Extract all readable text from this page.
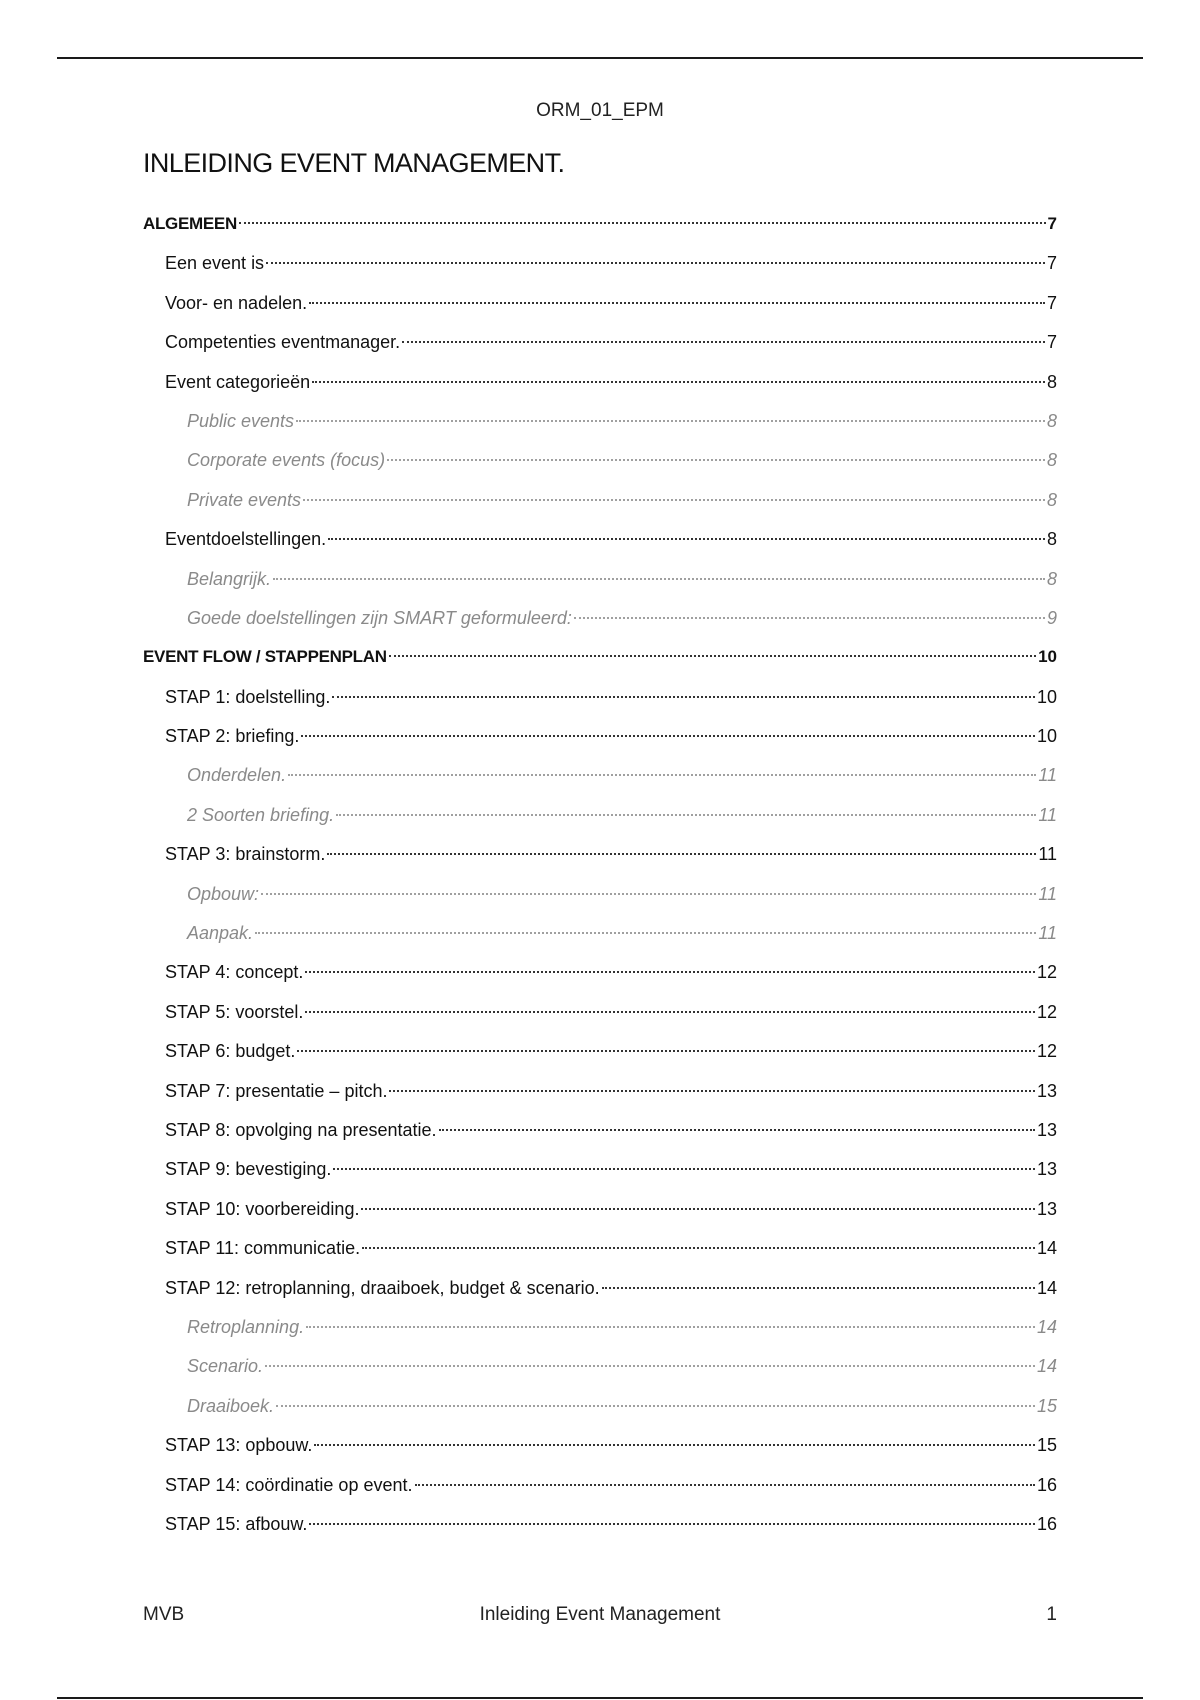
ORM_01_EPM
INLEIDING EVENT MANAGEMENT.
ALGEMEEN	7
Een event is	7
Voor- en nadelen.	7
Competenties eventmanager.	7
Event categorieën	8
Public events	8
Corporate events (focus)	8
Private events	8
Eventdoelstellingen.	8
Belangrijk.	8
Goede doelstellingen zijn SMART geformuleerd:	9
EVENT FLOW / STAPPENPLAN	10
STAP 1: doelstelling.	10
STAP 2: briefing.	10
Onderdelen.	11
2 Soorten briefing.	11
STAP 3: brainstorm.	11
Opbouw:	11
Aanpak.	11
STAP 4: concept.	12
STAP 5: voorstel.	12
STAP 6: budget.	12
STAP 7: presentatie – pitch.	13
STAP 8: opvolging na presentatie.	13
STAP 9: bevestiging.	13
STAP 10: voorbereiding.	13
STAP 11: communicatie.	14
STAP 12: retroplanning, draaiboek, budget & scenario.	14
Retroplanning.	14
Scenario.	14
Draaiboek.	15
STAP 13: opbouw.	15
STAP 14: coördinatie op event.	16
STAP 15: afbouw.	16
MVB	Inleiding Event Management	1
